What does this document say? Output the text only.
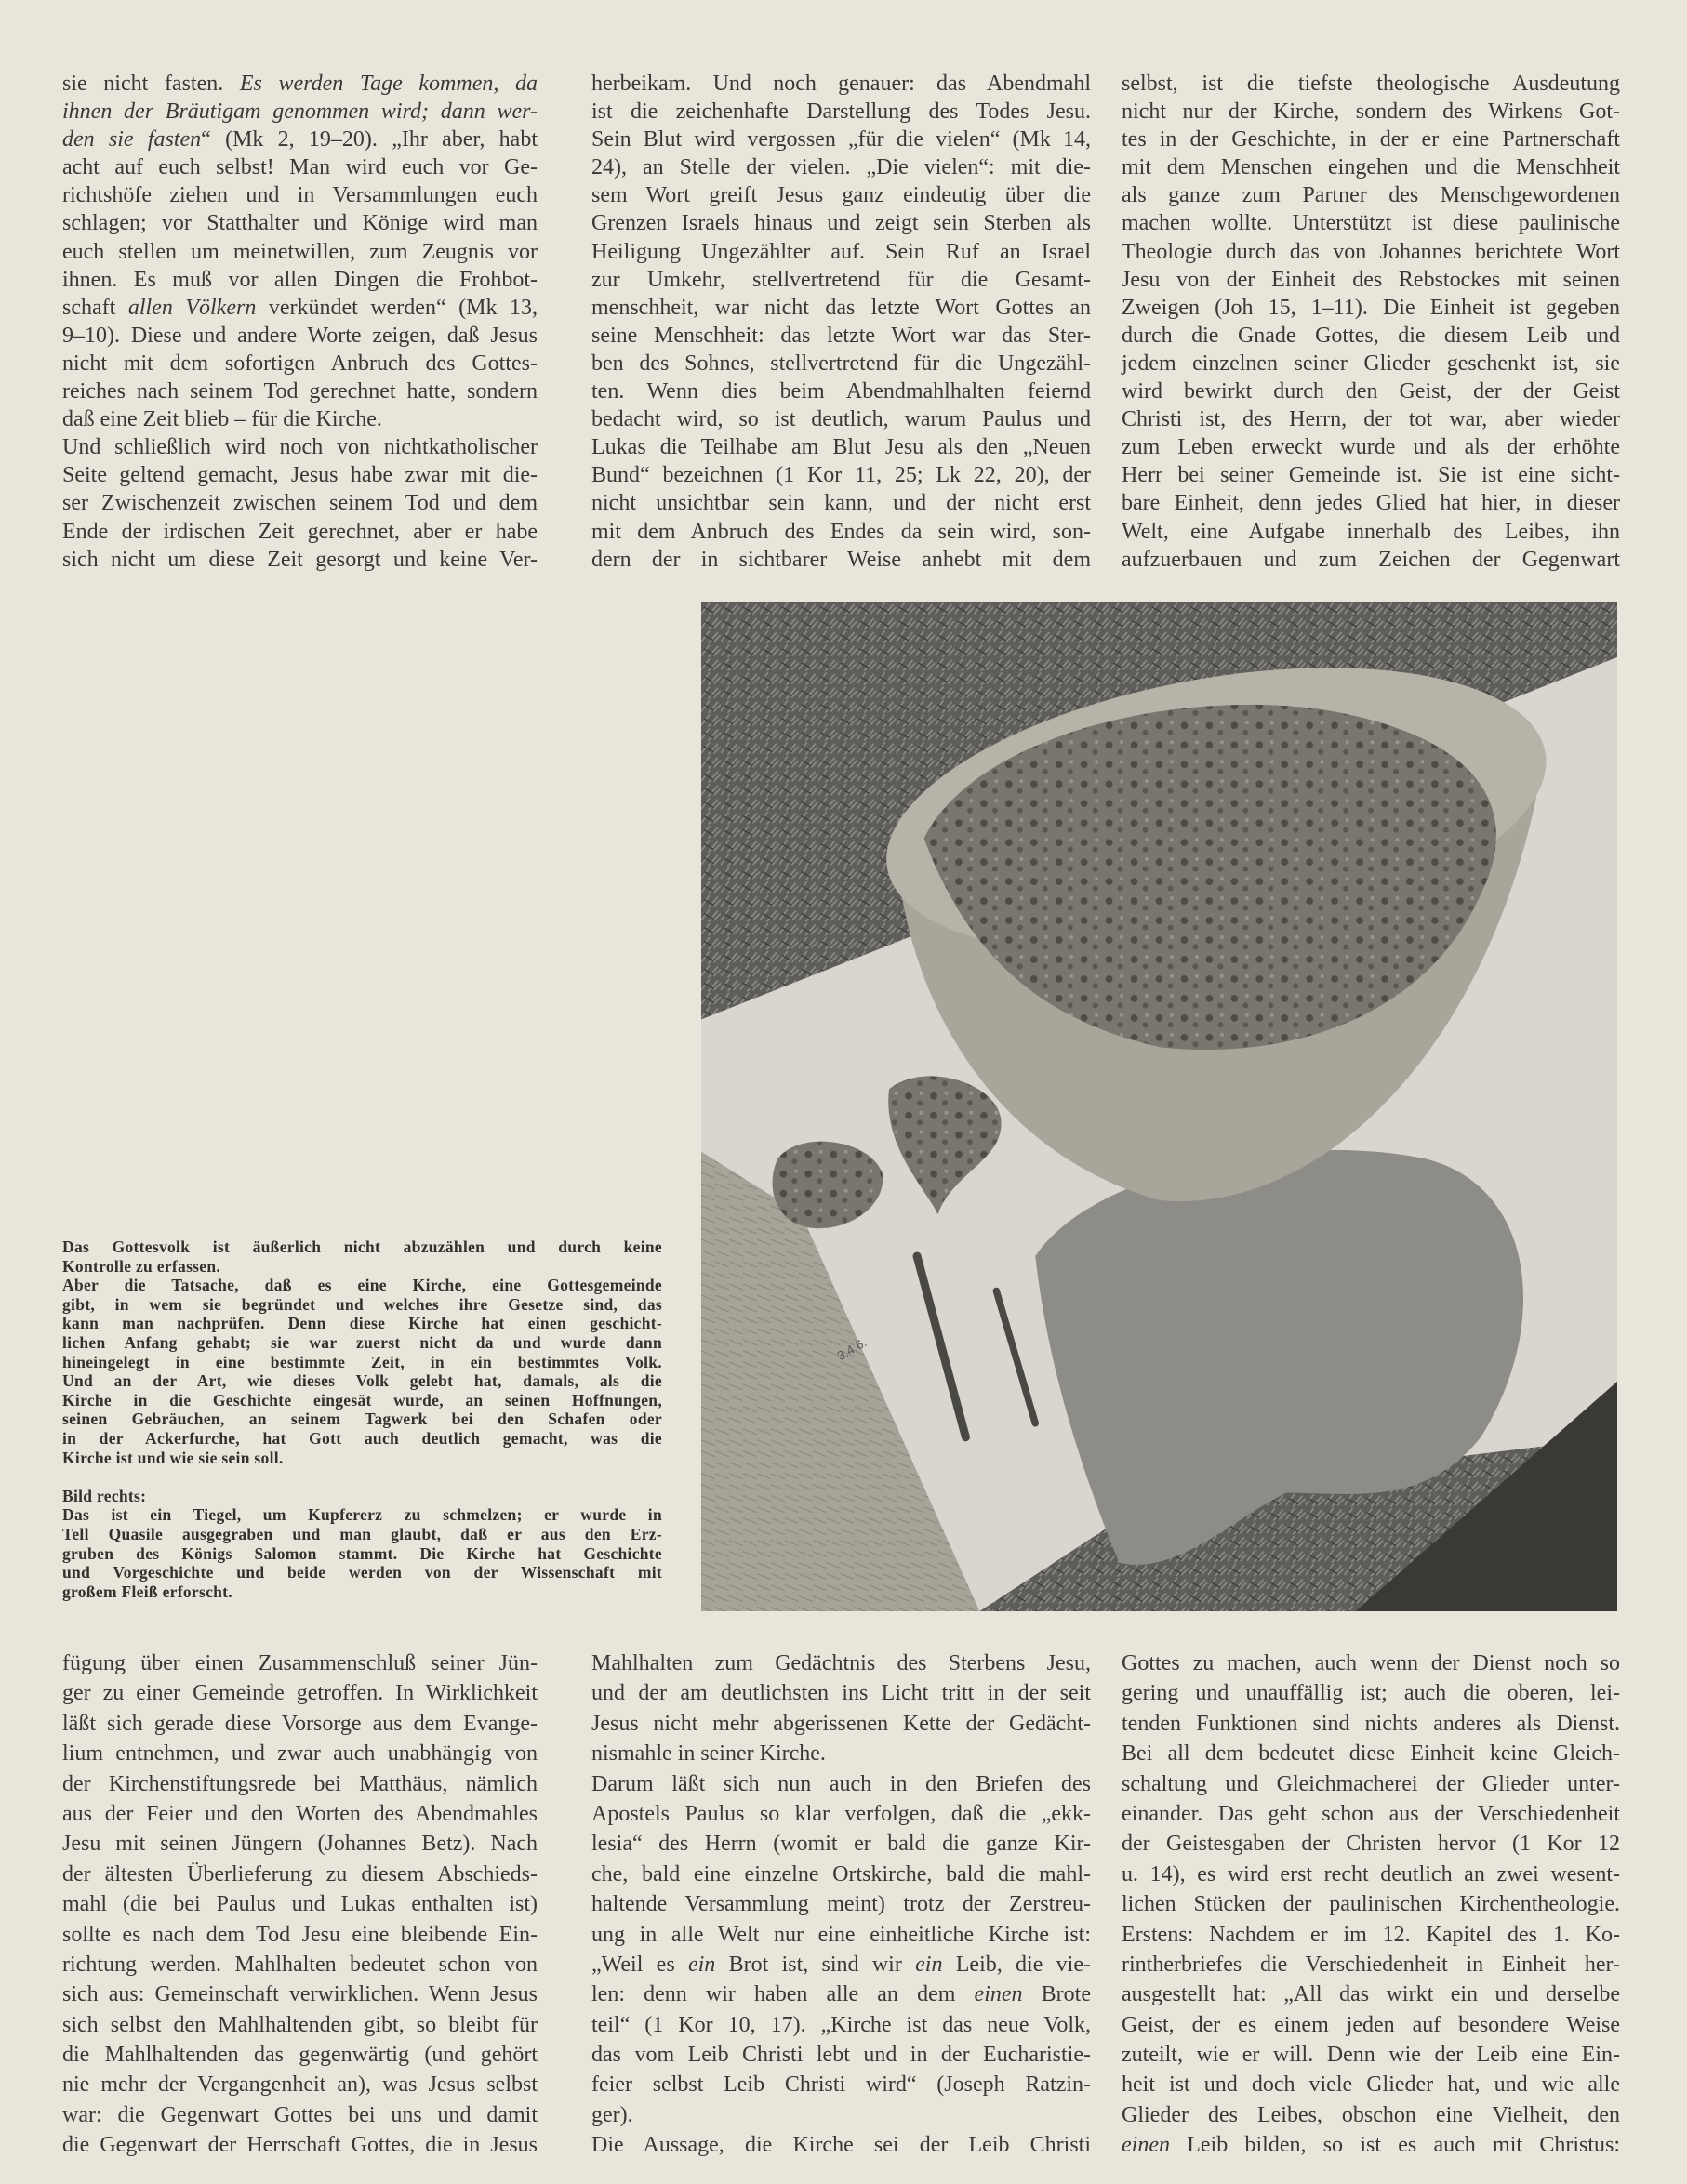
sie nicht fasten. Es werden Tage kommen, da
ihnen der Bräutigam genommen wird; dann wer-
den sie fasten“ (Mk 2, 19–20). „Ihr aber, habt
acht auf euch selbst! Man wird euch vor Ge-
richtshöfe ziehen und in Versammlungen euch
schlagen; vor Statthalter und Könige wird man
euch stellen um meinetwillen, zum Zeugnis vor
ihnen. Es muß vor allen Dingen die Frohbot-
schaft allen Völkern verkündet werden“ (Mk 13,
9–10). Diese und andere Worte zeigen, daß Jesus
nicht mit dem sofortigen Anbruch des Gottes-
reiches nach seinem Tod gerechnet hatte, sondern
daß eine Zeit blieb – für die Kirche.
Und schließlich wird noch von nichtkatholischer
Seite geltend gemacht, Jesus habe zwar mit die-
ser Zwischenzeit zwischen seinem Tod und dem
Ende der irdischen Zeit gerechnet, aber er habe
sich nicht um diese Zeit gesorgt und keine Ver-
herbeikam. Und noch genauer: das Abendmahl
ist die zeichenhafte Darstellung des Todes Jesu.
Sein Blut wird vergossen „für die vielen“ (Mk 14,
24), an Stelle der vielen. „Die vielen“: mit die-
sem Wort greift Jesus ganz eindeutig über die
Grenzen Israels hinaus und zeigt sein Sterben als
Heiligung Ungezählter auf. Sein Ruf an Israel
zur Umkehr, stellvertretend für die Gesamt-
menschheit, war nicht das letzte Wort Gottes an
seine Menschheit: das letzte Wort war das Ster-
ben des Sohnes, stellvertretend für die Ungezähl-
ten. Wenn dies beim Abendmahlhalten feiernd
bedacht wird, so ist deutlich, warum Paulus und
Lukas die Teilhabe am Blut Jesu als den „Neuen
Bund“ bezeichnen (1 Kor 11, 25; Lk 22, 20), der
nicht unsichtbar sein kann, und der nicht erst
mit dem Anbruch des Endes da sein wird, son-
dern der in sichtbarer Weise anhebt mit dem
selbst, ist die tiefste theologische Ausdeutung
nicht nur der Kirche, sondern des Wirkens Got-
tes in der Geschichte, in der er eine Partnerschaft
mit dem Menschen eingehen und die Menschheit
als ganze zum Partner des Menschgewordenen
machen wollte. Unterstützt ist diese paulinische
Theologie durch das von Johannes berichtete Wort
Jesu von der Einheit des Rebstockes mit seinen
Zweigen (Joh 15, 1–11). Die Einheit ist gegeben
durch die Gnade Gottes, die diesem Leib und
jedem einzelnen seiner Glieder geschenkt ist, sie
wird bewirkt durch den Geist, der der Geist
Christi ist, des Herrn, der tot war, aber wieder
zum Leben erweckt wurde und als der erhöhte
Herr bei seiner Gemeinde ist. Sie ist eine sicht-
bare Einheit, denn jedes Glied hat hier, in dieser
Welt, eine Aufgabe innerhalb des Leibes, ihn
aufzuerbauen und zum Zeichen der Gegenwart
Das Gottesvolk ist äußerlich nicht abzuzählen und durch keine
Kontrolle zu erfassen.
Aber die Tatsache, daß es eine Kirche, eine Gottesgemeinde
gibt, in wem sie begründet und welches ihre Gesetze sind, das
kann man nachprüfen. Denn diese Kirche hat einen geschicht-
lichen Anfang gehabt; sie war zuerst nicht da und wurde dann
hineingelegt in eine bestimmte Zeit, in ein bestimmtes Volk.
Und an der Art, wie dieses Volk gelebt hat, damals, als die
Kirche in die Geschichte eingesät wurde, an seinen Hoffnungen,
seinen Gebräuchen, an seinem Tagwerk bei den Schafen oder
in der Ackerfurche, hat Gott auch deutlich gemacht, was die
Kirche ist und wie sie sein soll.
Bild rechts:
Das ist ein Tiegel, um Kupfererz zu schmelzen; er wurde in
Tell Quasile ausgegraben und man glaubt, daß er aus den Erz-
gruben des Königs Salomon stammt. Die Kirche hat Geschichte
und Vorgeschichte und beide werden von der Wissenschaft mit
großem Fleiß erforscht.
3.4.6.
fügung über einen Zusammenschluß seiner Jün-
ger zu einer Gemeinde getroffen. In Wirklichkeit
läßt sich gerade diese Vorsorge aus dem Evange-
lium entnehmen, und zwar auch unabhängig von
der Kirchenstiftungsrede bei Matthäus, nämlich
aus der Feier und den Worten des Abendmahles
Jesu mit seinen Jüngern (Johannes Betz). Nach
der ältesten Überlieferung zu diesem Abschieds-
mahl (die bei Paulus und Lukas enthalten ist)
sollte es nach dem Tod Jesu eine bleibende Ein-
richtung werden. Mahlhalten bedeutet schon von
sich aus: Gemeinschaft verwirklichen. Wenn Jesus
sich selbst den Mahlhaltenden gibt, so bleibt für
die Mahlhaltenden das gegenwärtig (und gehört
nie mehr der Vergangenheit an), was Jesus selbst
war: die Gegenwart Gottes bei uns und damit
die Gegenwart der Herrschaft Gottes, die in Jesus
Mahlhalten zum Gedächtnis des Sterbens Jesu,
und der am deutlichsten ins Licht tritt in der seit
Jesus nicht mehr abgerissenen Kette der Gedächt-
nismahle in seiner Kirche.
Darum läßt sich nun auch in den Briefen des
Apostels Paulus so klar verfolgen, daß die „ekk-
lesia“ des Herrn (womit er bald die ganze Kir-
che, bald eine einzelne Ortskirche, bald die mahl-
haltende Versammlung meint) trotz der Zerstreu-
ung in alle Welt nur eine einheitliche Kirche ist:
„Weil es ein Brot ist, sind wir ein Leib, die vie-
len: denn wir haben alle an dem einen Brote
teil“ (1 Kor 10, 17). „Kirche ist das neue Volk,
das vom Leib Christi lebt und in der Eucharistie-
feier selbst Leib Christi wird“ (Joseph Ratzin-
ger).
Die Aussage, die Kirche sei der Leib Christi
Gottes zu machen, auch wenn der Dienst noch so
gering und unauffällig ist; auch die oberen, lei-
tenden Funktionen sind nichts anderes als Dienst.
Bei all dem bedeutet diese Einheit keine Gleich-
schaltung und Gleichmacherei der Glieder unter-
einander. Das geht schon aus der Verschiedenheit
der Geistesgaben der Christen hervor (1 Kor 12
u. 14), es wird erst recht deutlich an zwei wesent-
lichen Stücken der paulinischen Kirchentheologie.
Erstens: Nachdem er im 12. Kapitel des 1. Ko-
rintherbriefes die Verschiedenheit in Einheit her-
ausgestellt hat: „All das wirkt ein und derselbe
Geist, der es einem jeden auf besondere Weise
zuteilt, wie er will. Denn wie der Leib eine Ein-
heit ist und doch viele Glieder hat, und wie alle
Glieder des Leibes, obschon eine Vielheit, den
einen Leib bilden, so ist es auch mit Christus:
